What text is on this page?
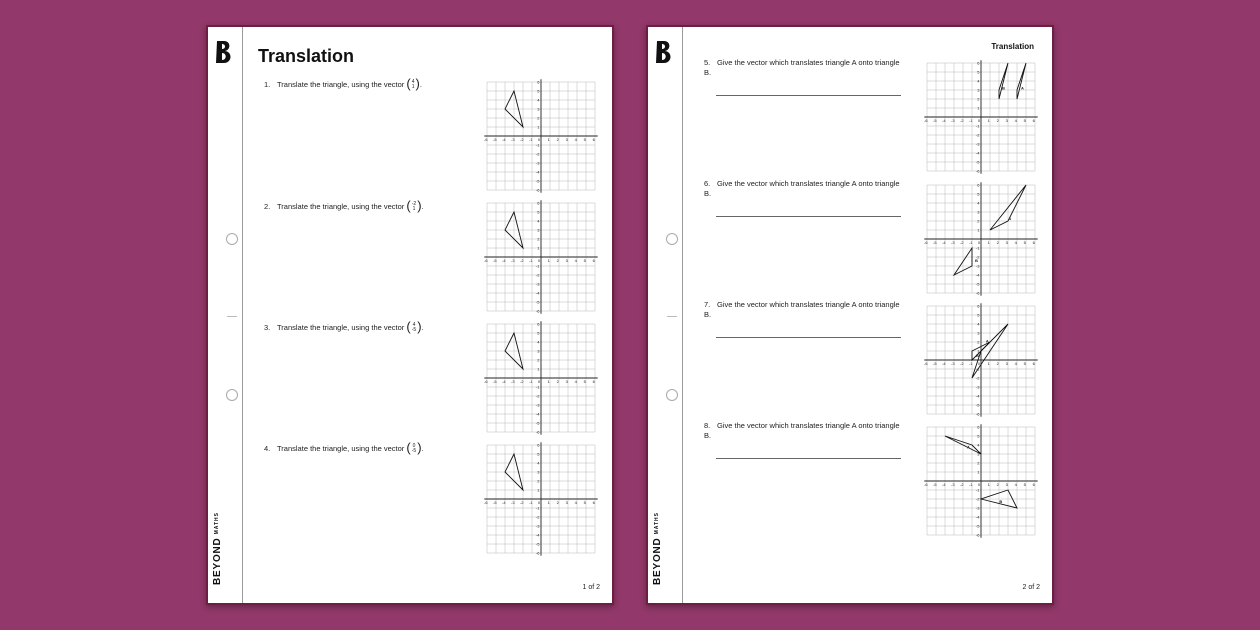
$BEYOND^{MATHS}$
Translation
1. Translate the triangle, using the vector ( 4
1 ).
2. Translate the triangle, using the vector ( -2
1 ).
3. Translate the triangle, using the vector ( 4
-5 ).
4. Translate the triangle, using the vector ( 0
-5 ).
-6 -5 -4 -3 -2 -1 0 1 2 3 4 5 6
6
5
4
3
2
1
-1
-2
-3
-4
-5
-6
-6 -5 -4 -3 -2 -1 0 1 2 3 4 5 6
6
5
4
3
2
1
-1
-2
-3
-4
-5
-6
-6 -5 -4 -3 -2 -1 0 1 2 3 4 5 6
6
5
4
3
2
1
-1
-2
-3
-4
-5
-6
-6 -5 -4 -3 -2 -1 0 1 2 3 4 5 6
6
5
4
3
2
1
-1
-2
-3
-4
-5
-6
1 of 2
$BEYOND^{MATHS}$
Translation
5. Give the vector which translates triangle A onto triangle B.
6. Give the vector which translates triangle A onto triangle B.
7. Give the vector which translates triangle A onto triangle B.
8. Give the vector which translates triangle A onto triangle B.
-6 -5 -4 -3 -2 -1 0 1 2 3 4 5 6
6
5
4
3
2
1
-1
-2
-3
-4
-5
-6
B	A
-6 -5 -4 -3 -2 -1 0 1 2 3 4 5 6
6
5
4
3
2
1
-1
-2
-3
-4
-5
-6
A
B
-6 -5 -4 -3 -2 -1 0 1 2 3 4 5 6
6
5
4
3
2
1
-1
-2
-3
-4
-5
-6
A
B
-6 -5 -4 -3 -2 -1 0 1 2 3 4 5 6
6
5
4
3
2
1
-1
-2
-3
-4
-5
-6
A
B
2 of 2
